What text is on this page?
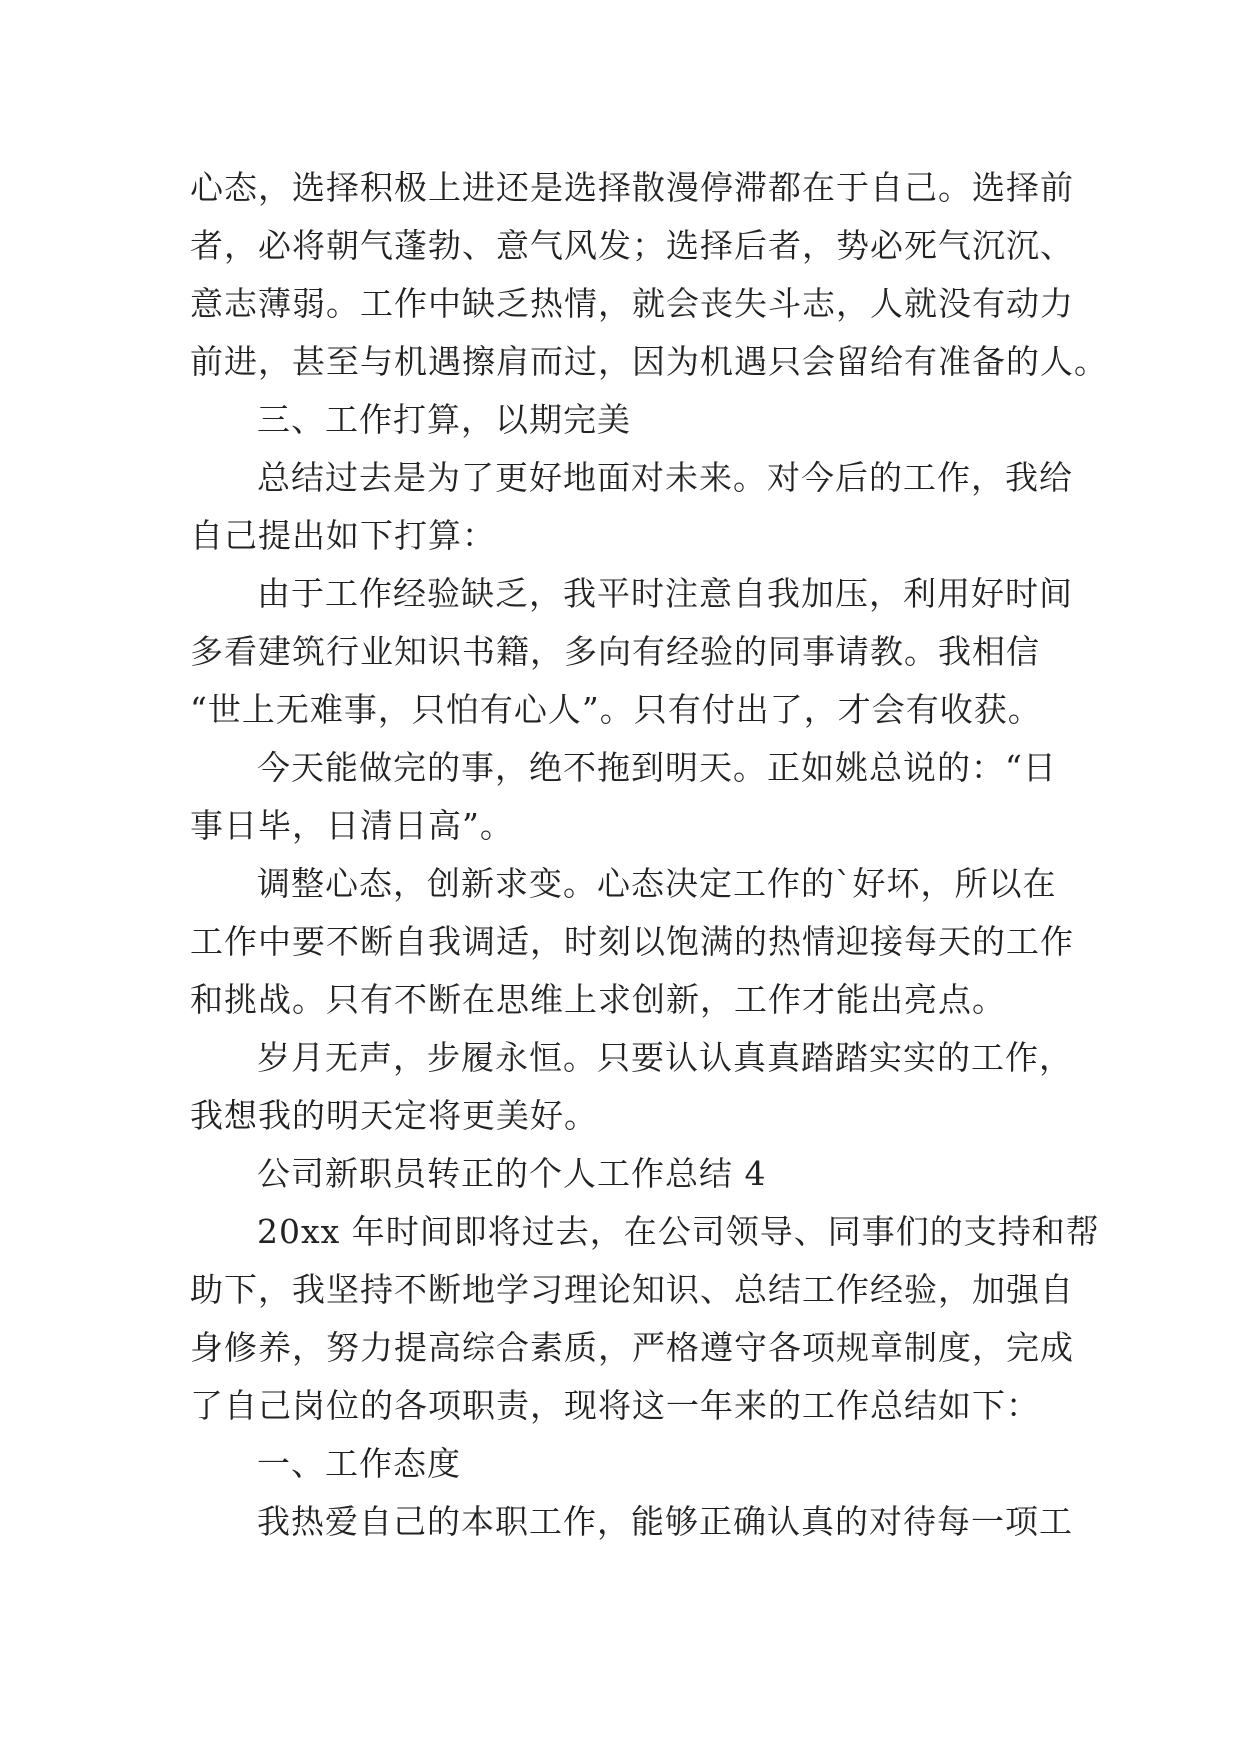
心态，选择积极上进还是选择散漫停滞都在于自己。选择前
者，必将朝气蓬勃、意气风发；选择后者，势必死气沉沉、
意志薄弱。工作中缺乏热情，就会丧失斗志，人就没有动力
前进，甚至与机遇擦肩而过，因为机遇只会留给有准备的人。
三、工作打算，以期完美
总结过去是为了更好地面对未来。对今后的工作，我给
自己提出如下打算：
由于工作经验缺乏，我平时注意自我加压，利用好时间
多看建筑行业知识书籍，多向有经验的同事请教。我相信
“世上无难事，只怕有心人”。只有付出了，才会有收获。
今天能做完的事，绝不拖到明天。正如姚总说的：“日
事日毕，日清日高”。
调整心态，创新求变。心态决定工作的`好坏，所以在
工作中要不断自我调适，时刻以饱满的热情迎接每天的工作
和挑战。只有不断在思维上求创新，工作才能出亮点。
岁月无声，步履永恒。只要认认真真踏踏实实的工作，
我想我的明天定将更美好。
公司新职员转正的个人工作总结 4
20xx 年时间即将过去，在公司领导、同事们的支持和帮
助下，我坚持不断地学习理论知识、总结工作经验，加强自
身修养，努力提高综合素质，严格遵守各项规章制度，完成
了自己岗位的各项职责，现将这一年来的工作总结如下：
一、工作态度
我热爱自己的本职工作，能够正确认真的对待每一项工
